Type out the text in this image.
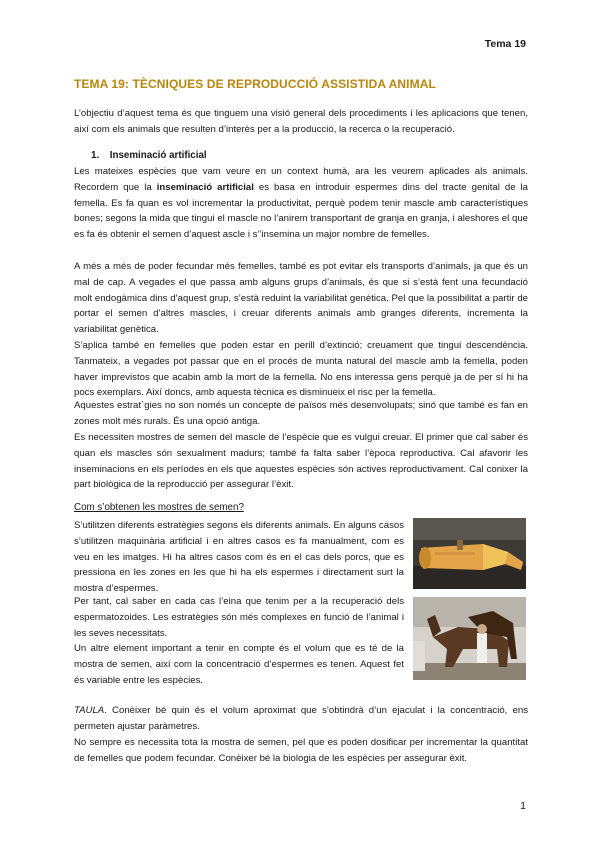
Tema 19
TEMA 19: TÈCNIQUES DE REPRODUCCIÓ ASSISTIDA ANIMAL

L’objectiu d’aquest tema és que tinguem una visió general dels procediments i les aplicacions que tenen, així com els animals que resulten d’interès per a la producció, la recerca o la recuperació.

1. Inseminació artificial

Les mateixes espècies que vam veure en un context humà, ara les veurem aplicades als animals. Recordem que la inseminació artificial es basa en introduir espermes dins del tracte genital de la femella. Es fa quan es vol incrementar la productivitat, perquè podem tenir mascle amb característiques bones; segons la mida que tingui el mascle no l’anirem transportant de granja en granja, i aleshores el que es fa és obtenir el semen d’aquest ascle i s’’insemina un major nombre de femelles.

A més a més de poder fecundar més femelles, també es pot evitar els transports d’animals, ja que és un mal de cap. A vegades el que passa amb alguns grups d’animals, és que si s’està fent una fecundació molt endogàmica dins d’aquest grup, s’està reduint la variabilitat genètica. Pel que la possibilitat a partir de portar el semen d’altres mascles, i creuar diferents animals amb granges diferents, incrementa la variabilitat genètica.

S’aplica també en femelles que poden estar en perill d’extinció; creuament que tingui descendència. Tanmateix, a vegades pot passar que en el procés de munta natural del mascle amb la femella, poden haver imprevistos que acabin amb la mort de la femella. No ens interessa gens perquè ja de per sí hi ha pocs exemplars. Així doncs, amb aquesta tècnica es disminueix el risc per la femella.

Aquestes estrat`gies no son només un concepte de països més desenvolupats; sinó que també es fan en zones molt més rurals. És una opció antiga.

Es necessiten mostres de semen del mascle de l’espècie que es vulgui creuar. El primer que cal saber és quan els mascles són sexualment madurs; també fa falta saber l’època reproductiva. Cal afavorir les inseminacions en els períodes en els que aquestes espècies són actives reproductivament. Cal conixer la part biològica de la reproducció per assegurar l’èxit.

Com s’obtenen les mostres de semen?

S’utilitzen diferents estratègies segons els diferents animals. En alguns casos s’utilitzen maquinària artificial i en altres casos es fa manualment, com es veu en les imatges. Hi ha altres casos com és en el cas dels porcs, que es pressiona en les zones en les que hi ha els espermes i directament surt la mostra d’espermes.

Per tant, cal saber en cada cas l’eina que tenim per a la recuperació dels espermatozoides. Les estratègies són més complexes en funció de l’animal i les seves necessitats.

Un altre element important a tenir en compte és el volum que es té de la mostra de semen, així com la concentració d’espermes es tenen. Aquest fet és variable entre les espècies.

TAULA. Conèixer bé quin és el volum aproximat que s’obtindrà d’un ejaculat i la concentració, ens permeten ajustar paràmetres.

No sempre es necessita tota la mostra de semen, pel que es poden dosificar per incrementar la quantitat de femelles que podem fecundar. Conèixer bé la biologia de les espècies per assegurar èxit.

1
